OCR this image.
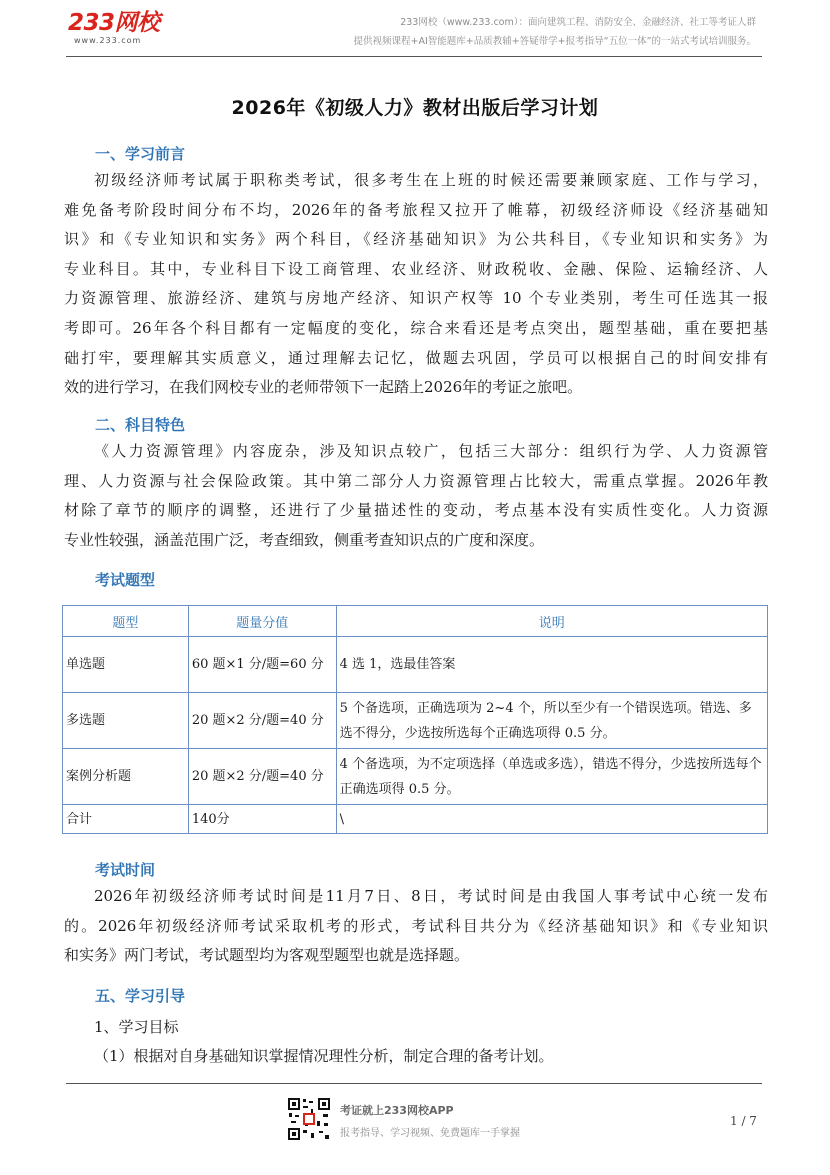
233网校
www.233.com
233网校（www.233.com）：面向建筑工程、消防安全、金融经济、社工等考证人群
提供视频课程+AI智能题库+品质教辅+答疑带学+报考指导“五位一体”的一站式考试培训服务。
2026年《初级人力》教材出版后学习计划
一、学习前言
初级经济师考试属于职称类考试，很多考生在上班的时候还需要兼顾家庭、工作与学习，
难免备考阶段时间分布不均，2026年的备考旅程又拉开了帷幕，初级经济师设《经济基础知
识》和《专业知识和实务》两个科目，《经济基础知识》为公共科目，《专业知识和实务》为
专业科目。其中，专业科目下设工商管理、农业经济、财政税收、金融、保险、运输经济、人
力资源管理、旅游经济、建筑与房地产经济、知识产权等 10 个专业类别，考生可任选其一报
考即可。26年各个科目都有一定幅度的变化，综合来看还是考点突出，题型基础，重在要把基
础打牢，要理解其实质意义，通过理解去记忆，做题去巩固，学员可以根据自己的时间安排有
效的进行学习，在我们网校专业的老师带领下一起踏上2026年的考证之旅吧。
二、科目特色
《人力资源管理》内容庞杂，涉及知识点较广，包括三大部分：组织行为学、人力资源管
理、人力资源与社会保险政策。其中第二部分人力资源管理占比较大，需重点掌握。2026年教
材除了章节的顺序的调整，还进行了少量描述性的变动，考点基本没有实质性变化。人力资源
专业性较强，涵盖范围广泛，考查细致，侧重考查知识点的广度和深度。
考试题型
题型	题量分值	说明
单选题	60 题×1 分/题=60 分	4 选 1，选最佳答案
多选题	20 题×2 分/题=40 分	5 个备选项，正确选项为 2~4 个，所以至少有一个错误选项。错选、多选不得分，少选按所选每个正确选项得 0.5 分。
案例分析题	20 题×2 分/题=40 分	4 个备选项，为不定项选择（单选或多选），错选不得分，少选按所选每个正确选项得 0.5 分。
合计	140分	\
考试时间
2026年初级经济师考试时间是11月7日、8日，考试时间是由我国人事考试中心统一发布
的。2026年初级经济师考试采取机考的形式，考试科目共分为《经济基础知识》和《专业知识
和实务》两门考试，考试题型均为客观型题型也就是选择题。
五、学习引导
1、学习目标
（1）根据对自身基础知识掌握情况理性分析，制定合理的备考计划。
考证就上233网校APP
报考指导、学习视频、免费题库一手掌握
1 / 7
